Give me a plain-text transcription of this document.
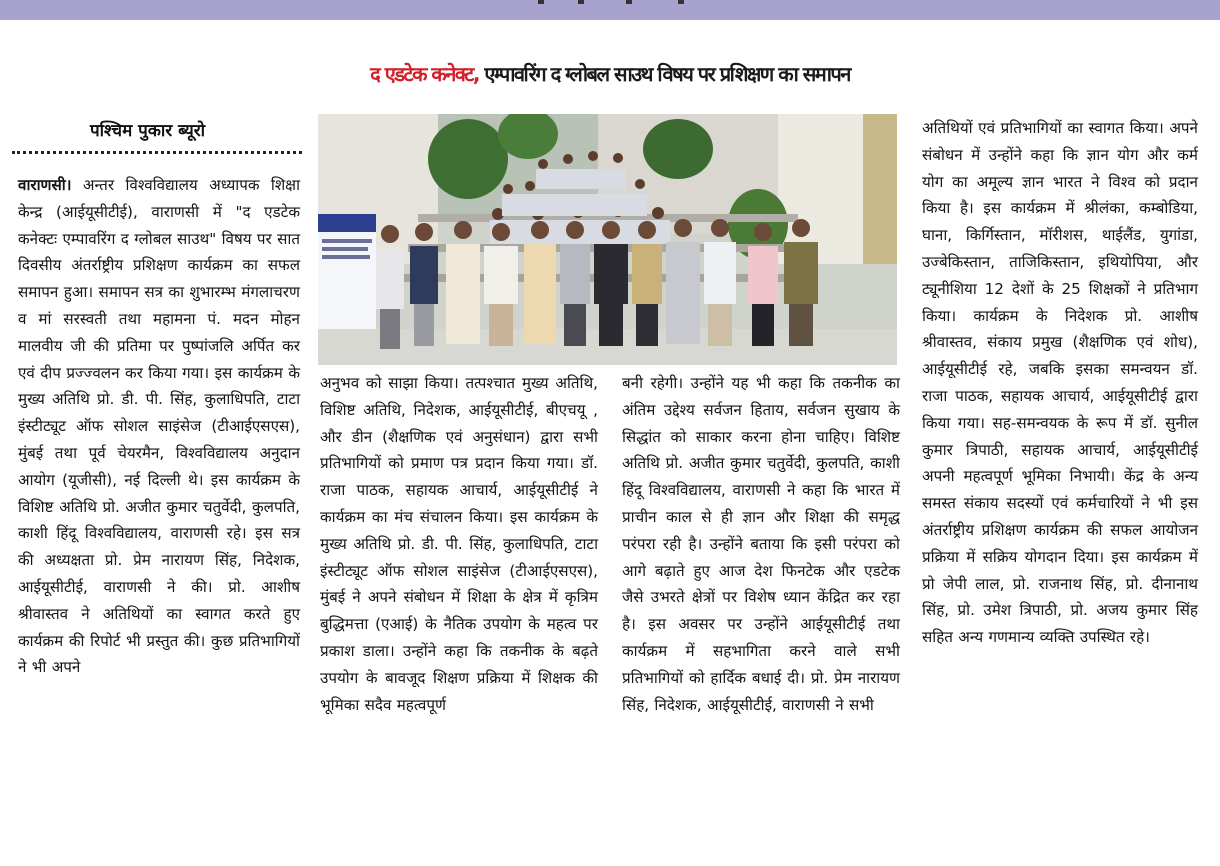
द एडटेक कनेक्ट, एम्पावरिंग द ग्लोबल साउथ विषय पर प्रशिक्षण का समापन
पश्चिम पुकार ब्यूरो
वाराणसी। अन्तर विश्वविद्यालय अध्यापक शिक्षा केन्द्र (आईयूसीटीई), वाराणसी में "द एडटेक कनेक्टः एम्पावरिंग द ग्लोबल साउथ" विषय पर सात दिवसीय अंतर्राष्ट्रीय प्रशिक्षण कार्यक्रम का सफल समापन हुआ। समापन सत्र का शुभारम्भ मंगलाचरण व मां सरस्वती तथा महामना पं. मदन मोहन मालवीय जी की प्रतिमा पर पुष्पांजलि अर्पित कर एवं दीप प्रज्ज्वलन कर किया गया। इस कार्यक्रम के मुख्य अतिथि प्रो. डी. पी. सिंह, कुलाधिपति, टाटा इंस्टीट्यूट ऑफ सोशल साइंसेज (टीआईएसएस), मुंबई तथा पूर्व चेयरमैन, विश्वविद्यालय अनुदान आयोग (यूजीसी), नई दिल्ली थे। इस कार्यक्रम के विशिष्ट अतिथि प्रो. अजीत कुमार चतुर्वेदी, कुलपति, काशी हिंदू विश्वविद्यालय, वाराणसी रहे। इस सत्र की अध्यक्षता प्रो. प्रेम नारायण सिंह, निदेशक, आईयूसीटीई, वाराणसी ने की। प्रो. आशीष श्रीवास्तव ने अतिथियों का स्वागत करते हुए कार्यक्रम की रिपोर्ट भी प्रस्तुत की। कुछ प्रतिभागियों ने भी अपने
अनुभव को साझा किया। तत्पश्चात मुख्य अतिथि, विशिष्ट अतिथि, निदेशक, आईयूसीटीई, बीएचयू , और डीन (शैक्षणिक एवं अनुसंधान) द्वारा सभी प्रतिभागियों को प्रमाण पत्र प्रदान किया गया। डॉ. राजा पाठक, सहायक आचार्य, आईयूसीटीई ने कार्यक्रम का मंच संचालन किया। इस कार्यक्रम के मुख्य अतिथि प्रो. डी. पी. सिंह, कुलाधिपति, टाटा इंस्टीट्यूट ऑफ सोशल साइंसेज (टीआईएसएस), मुंबई ने अपने संबोधन में शिक्षा के क्षेत्र में कृत्रिम बुद्धिमत्ता (एआई) के नैतिक उपयोग के महत्व पर प्रकाश डाला। उन्होंने कहा कि तकनीक के बढ़ते उपयोग के बावजूद शिक्षण प्रक्रिया में शिक्षक की भूमिका सदैव महत्वपूर्ण
बनी रहेगी। उन्होंने यह भी कहा कि तकनीक का अंतिम उद्देश्य सर्वजन हिताय, सर्वजन सुखाय के सिद्धांत को साकार करना होना चाहिए। विशिष्ट अतिथि प्रो. अजीत कुमार चतुर्वेदी, कुलपति, काशी हिंदू विश्वविद्यालय, वाराणसी ने कहा कि भारत में प्राचीन काल से ही ज्ञान और शिक्षा की समृद्ध परंपरा रही है। उन्होंने बताया कि इसी परंपरा को आगे बढ़ाते हुए आज देश फिनटेक और एडटेक जैसे उभरते क्षेत्रों पर विशेष ध्यान केंद्रित कर रहा है। इस अवसर पर उन्होंने आईयूसीटीई तथा कार्यक्रम में सहभागिता करने वाले सभी प्रतिभागियों को हार्दिक बधाई दी। प्रो. प्रेम नारायण सिंह, निदेशक, आईयूसीटीई, वाराणसी ने सभी
अतिथियों एवं प्रतिभागियों का स्वागत किया। अपने संबोधन में उन्होंने कहा कि ज्ञान योग और कर्म योग का अमूल्य ज्ञान भारत ने विश्व को प्रदान किया है। इस कार्यक्रम में श्रीलंका, कम्बोडिया, घाना, किर्गिस्तान, मॉरीशस, थाईलैंड, युगांडा, उज्बेकिस्तान, ताजिकिस्तान, इथियोपिया, और ट्यूनीशिया 12 देशों के 25 शिक्षकों ने प्रतिभाग किया। कार्यक्रम के निदेशक प्रो. आशीष श्रीवास्तव, संकाय प्रमुख (शैक्षणिक एवं शोध), आईयूसीटीई रहे, जबकि इसका समन्वयन डॉ. राजा पाठक, सहायक आचार्य, आईयूसीटीई द्वारा किया गया। सह-समन्वयक के रूप में डॉ. सुनील कुमार त्रिपाठी, सहायक आचार्य, आईयूसीटीई अपनी महत्वपूर्ण भूमिका निभायी। केंद्र के अन्य समस्त संकाय सदस्यों एवं कर्मचारियों ने भी इस अंतर्राष्ट्रीय प्रशिक्षण कार्यक्रम की सफल आयोजन प्रक्रिया में सक्रिय योगदान दिया। इस कार्यक्रम में प्रो जेपी लाल, प्रो. राजनाथ सिंह, प्रो. दीनानाथ सिंह, प्रो. उमेश त्रिपाठी, प्रो. अजय कुमार सिंह सहित अन्य गणमान्य व्यक्ति उपस्थित रहे।
